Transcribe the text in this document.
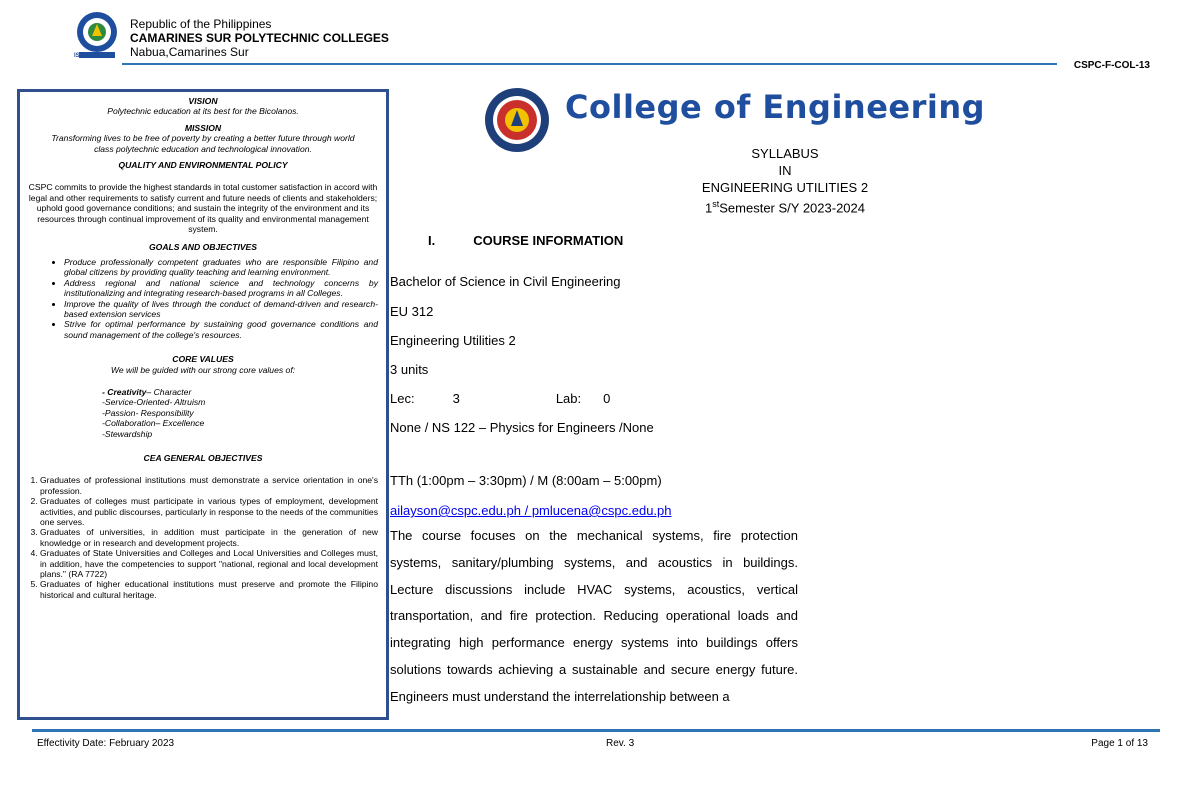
ISO 9001:2015
Republic of the Philippines
CAMARINES SUR POLYTECHNIC COLLEGES
Nabua,Camarines Sur
CSPC-F-COL-13
VISION
Polytechnic education at its best for the Bicolanos.
MISSION
Transforming lives to be free of poverty by creating a better future through world class polytechnic education and technological innovation.
QUALITY AND ENVIRONMENTAL POLICY
CSPC commits to provide the highest standards in total customer satisfaction in accord with legal and other requirements to satisfy current and future needs of clients and stakeholders; uphold good governance conditions; and sustain the integrity of the environment and its resources through continual improvement of its quality and environmental management system.
GOALS AND OBJECTIVES
• Produce professionally competent graduates who are responsible Filipino and global citizens by providing quality teaching and learning environment.
• Address regional and national science and technology concerns by institutionalizing and integrating research-based programs in all Colleges.
• Improve the quality of lives through the conduct of demand-driven and research- based extension services
• Strive for optimal performance by sustaining good governance conditions and sound management of the college's resources.
CORE VALUES
We will be guided with our strong core values of:
- Creativity– Character
-Service-Oriented- Altruism
-Passion- Responsibility
-Collaboration– Excellence
-Stewardship
CEA GENERAL OBJECTIVES
1. Graduates of professional institutions must demonstrate a service orientation in one's profession.
2. Graduates of colleges must participate in various types of employment, development activities, and public discourses, particularly in response to the needs of the communities one serves.
3. Graduates of universities, in addition must participate in the generation of new knowledge or in research and development projects.
4. Graduates of State Universities and Colleges and Local Universities and Colleges must, in addition, have the competencies to support "national, regional and local development plans." (RA 7722)
5. Graduates of higher educational institutions must preserve and promote the Filipino historical and cultural heritage.
College of Engineering
SYLLABUS
IN
ENGINEERING UTILITIES 2
1stSemester S/Y 2023-2024
I.	COURSE INFORMATION
Bachelor of Science in Civil Engineering
EU 312
Engineering Utilities 2
3 units
Lec:	3	Lab: 0
None / NS 122 – Physics for Engineers /None
TTh (1:00pm – 3:30pm) / M (8:00am – 5:00pm)
ailayson@cspc.edu.ph / pmlucena@cspc.edu.ph
The course focuses on the mechanical systems, fire protection systems, sanitary/plumbing systems, and acoustics in buildings. Lecture discussions include HVAC systems, acoustics, vertical transportation, and fire protection. Reducing operational loads and integrating high performance energy systems into buildings offers solutions towards achieving a sustainable and secure energy future. Engineers must understand the interrelationship between a
Effectivity Date: February 2023	Rev. 3	Page 1 of 13
